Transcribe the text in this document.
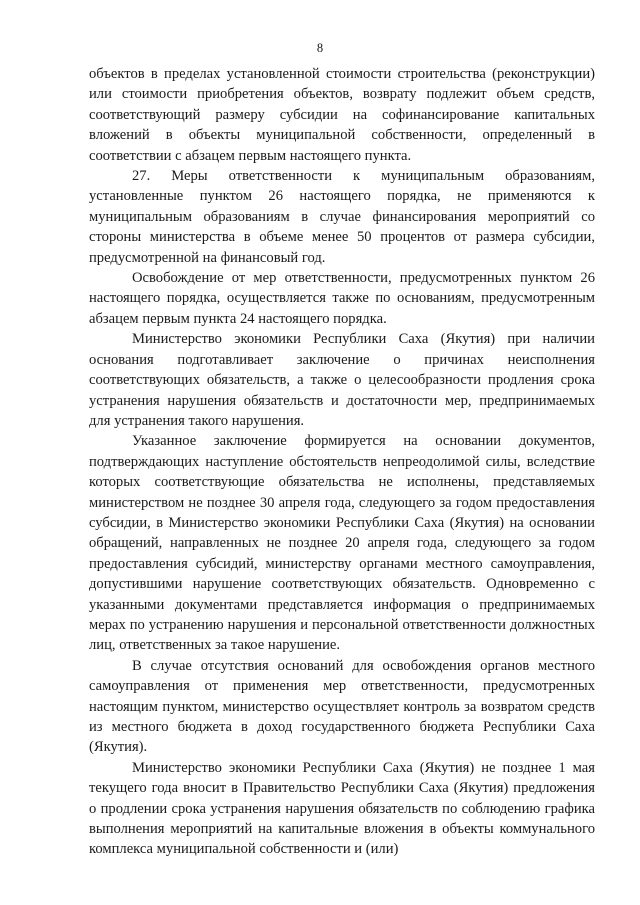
8

объектов в пределах установленной стоимости строительства (реконструкции) или стоимости приобретения объектов, возврату подлежит объем средств, соответствующий размеру субсидии на софинансирование капитальных вложений в объекты муниципальной собственности, определенный в соответствии с абзацем первым настоящего пункта.

27. Меры ответственности к муниципальным образованиям, установленные пунктом 26 настоящего порядка, не применяются к муниципальным образованиям в случае финансирования мероприятий со стороны министерства в объеме менее 50 процентов от размера субсидии, предусмотренной на финансовый год.

Освобождение от мер ответственности, предусмотренных пунктом 26 настоящего порядка, осуществляется также по основаниям, предусмотренным абзацем первым пункта 24 настоящего порядка.

Министерство экономики Республики Саха (Якутия) при наличии основания подготавливает заключение о причинах неисполнения соответствующих обязательств, а также о целесообразности продления срока устранения нарушения обязательств и достаточности мер, предпринимаемых для устранения такого нарушения.

Указанное заключение формируется на основании документов, подтверждающих наступление обстоятельств непреодолимой силы, вследствие которых соответствующие обязательства не исполнены, представляемых министерством не позднее 30 апреля года, следующего за годом предоставления субсидии, в Министерство экономики Республики Саха (Якутия) на основании обращений, направленных не позднее 20 апреля года, следующего за годом предоставления субсидий, министерству органами местного самоуправления, допустившими нарушение соответствующих обязательств. Одновременно с указанными документами представляется информация о предпринимаемых мерах по устранению нарушения и персональной ответственности должностных лиц, ответственных за такое нарушение.

В случае отсутствия оснований для освобождения органов местного самоуправления от применения мер ответственности, предусмотренных настоящим пунктом, министерство осуществляет контроль за возвратом средств из местного бюджета в доход государственного бюджета Республики Саха (Якутия).

Министерство экономики Республики Саха (Якутия) не позднее 1 мая текущего года вносит в Правительство Республики Саха (Якутия) предложения о продлении срока устранения нарушения обязательств по соблюдению графика выполнения мероприятий на капитальные вложения в объекты коммунального комплекса муниципальной собственности и (или)
